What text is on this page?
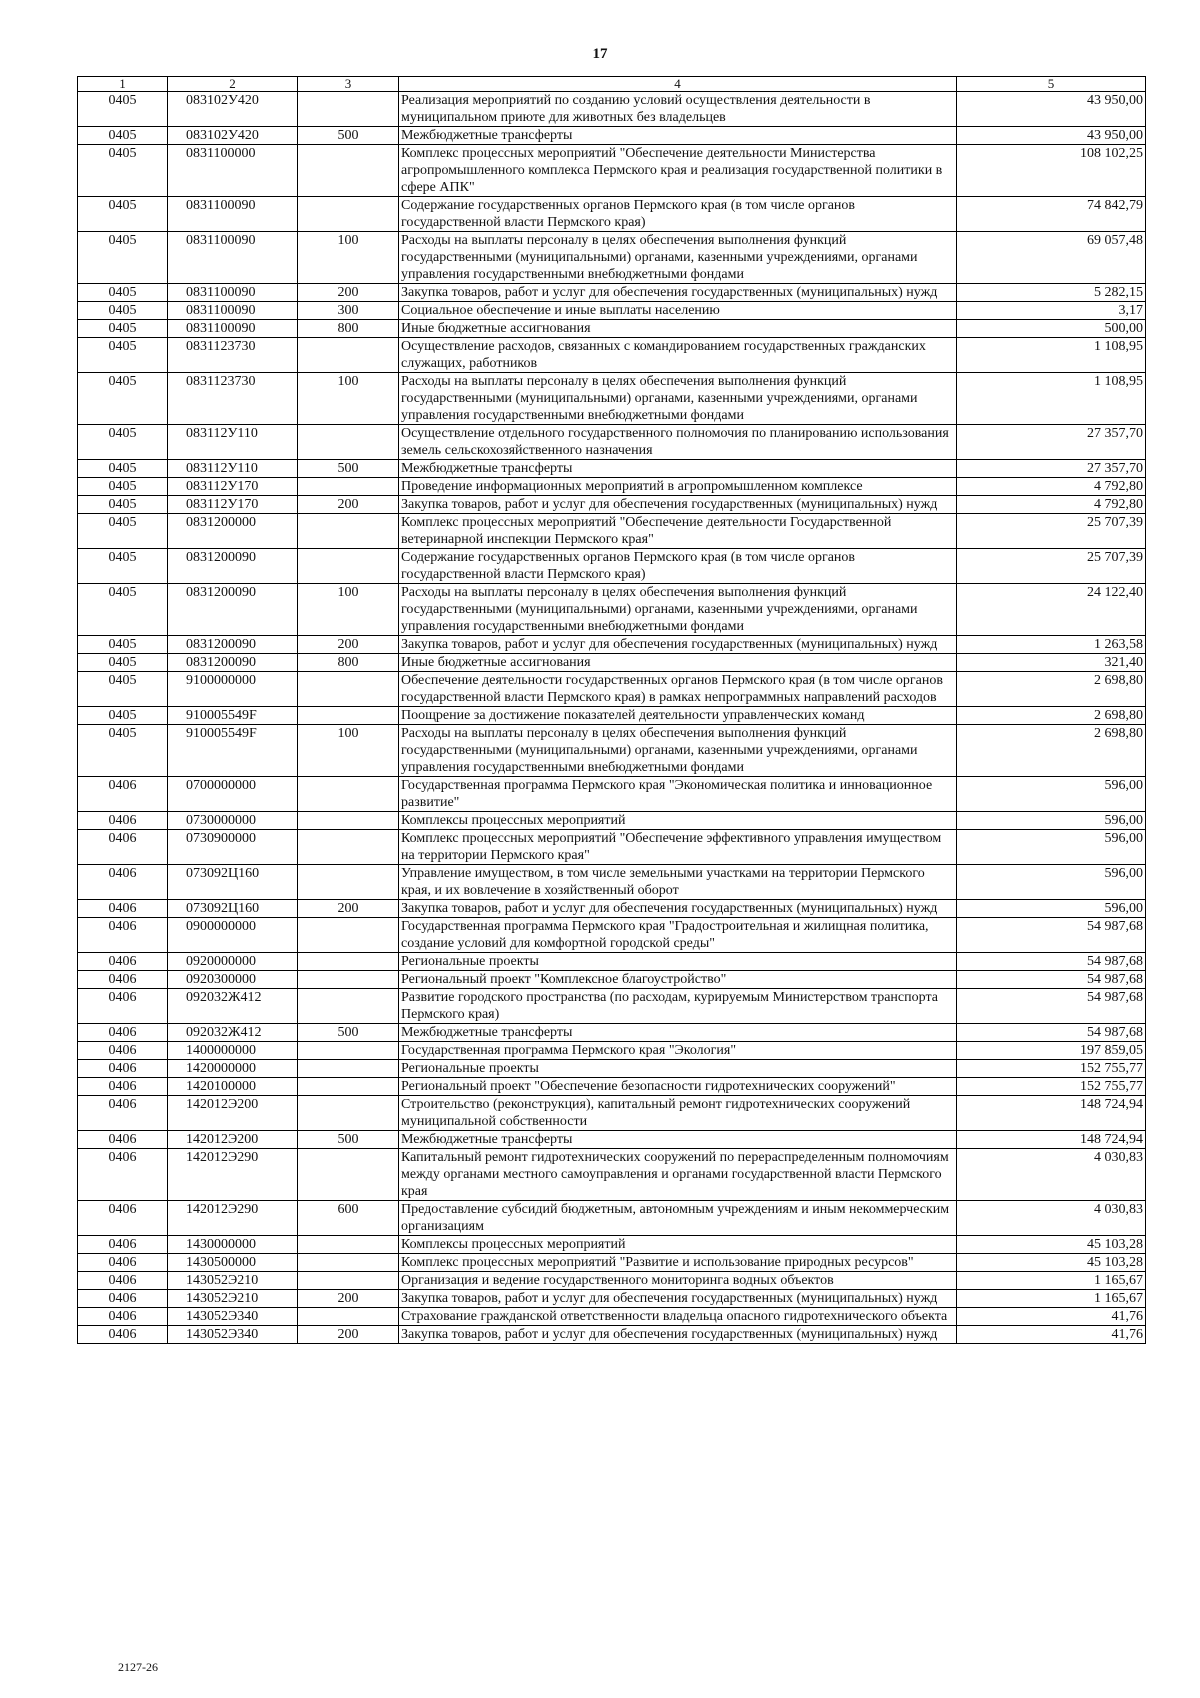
17
1	2	3	4	5
0405	083102У420		Реализация мероприятий по созданию условий осуществления деятельности в муниципальном приюте для животных без владельцев	43 950,00
0405	083102У420	500	Межбюджетные трансферты	43 950,00
0405	0831100000		Комплекс процессных мероприятий "Обеспечение деятельности Министерства агропромышленного комплекса Пермского края и реализация государственной политики в сфере АПК"	108 102,25
0405	0831100090		Содержание государственных органов Пермского края (в том числе органов государственной власти Пермского края)	74 842,79
0405	0831100090	100	Расходы на выплаты персоналу в целях обеспечения выполнения функций государственными (муниципальными) органами, казенными учреждениями, органами управления государственными внебюджетными фондами	69 057,48
0405	0831100090	200	Закупка товаров, работ и услуг для обеспечения государственных (муниципальных) нужд	5 282,15
0405	0831100090	300	Социальное обеспечение и иные выплаты населению	3,17
0405	0831100090	800	Иные бюджетные ассигнования	500,00
0405	0831123730		Осуществление расходов, связанных с командированием государственных гражданских служащих, работников	1 108,95
0405	0831123730	100	Расходы на выплаты персоналу в целях обеспечения выполнения функций государственными (муниципальными) органами, казенными учреждениями, органами управления государственными внебюджетными фондами	1 108,95
0405	083112У110		Осуществление отдельного государственного полномочия по планированию использования земель сельскохозяйственного назначения	27 357,70
0405	083112У110	500	Межбюджетные трансферты	27 357,70
0405	083112У170		Проведение информационных мероприятий в агропромышленном комплексе	4 792,80
0405	083112У170	200	Закупка товаров, работ и услуг для обеспечения государственных (муниципальных) нужд	4 792,80
0405	0831200000		Комплекс процессных мероприятий "Обеспечение деятельности Государственной ветеринарной инспекции Пермского края"	25 707,39
0405	0831200090		Содержание государственных органов Пермского края (в том числе органов государственной власти Пермского края)	25 707,39
0405	0831200090	100	Расходы на выплаты персоналу в целях обеспечения выполнения функций государственными (муниципальными) органами, казенными учреждениями, органами управления государственными внебюджетными фондами	24 122,40
0405	0831200090	200	Закупка товаров, работ и услуг для обеспечения государственных (муниципальных) нужд	1 263,58
0405	0831200090	800	Иные бюджетные ассигнования	321,40
0405	9100000000		Обеспечение деятельности государственных органов Пермского края (в том числе органов государственной власти Пермского края) в рамках непрограммных направлений расходов	2 698,80
0405	910005549F		Поощрение за достижение показателей деятельности управленческих команд	2 698,80
0405	910005549F	100	Расходы на выплаты персоналу в целях обеспечения выполнения функций государственными (муниципальными) органами, казенными учреждениями, органами управления государственными внебюджетными фондами	2 698,80
0406	0700000000		Государственная программа Пермского края "Экономическая политика и инновационное развитие"	596,00
0406	0730000000		Комплексы процессных мероприятий	596,00
0406	0730900000		Комплекс процессных мероприятий "Обеспечение эффективного управления имуществом на территории Пермского края"	596,00
0406	073092Ц160		Управление имуществом, в том числе земельными участками на территории Пермского края, и их вовлечение в хозяйственный оборот	596,00
0406	073092Ц160	200	Закупка товаров, работ и услуг для обеспечения государственных (муниципальных) нужд	596,00
0406	0900000000		Государственная программа Пермского края "Градостроительная и жилищная политика, создание условий для комфортной городской среды"	54 987,68
0406	0920000000		Региональные проекты	54 987,68
0406	0920300000		Региональный проект "Комплексное благоустройство"	54 987,68
0406	092032Ж412		Развитие городского пространства (по расходам, курируемым Министерством транспорта Пермского края)	54 987,68
0406	092032Ж412	500	Межбюджетные трансферты	54 987,68
0406	1400000000		Государственная программа Пермского края "Экология"	197 859,05
0406	1420000000		Региональные проекты	152 755,77
0406	1420100000		Региональный проект "Обеспечение безопасности гидротехнических сооружений"	152 755,77
0406	142012Э200		Строительство (реконструкция), капитальный ремонт гидротехнических сооружений муниципальной собственности	148 724,94
0406	142012Э200	500	Межбюджетные трансферты	148 724,94
0406	142012Э290		Капитальный ремонт гидротехнических сооружений по перераспределенным полномочиям между органами местного самоуправления и органами государственной власти Пермского края	4 030,83
0406	142012Э290	600	Предоставление субсидий бюджетным, автономным учреждениям и иным некоммерческим организациям	4 030,83
0406	1430000000		Комплексы процессных мероприятий	45 103,28
0406	1430500000		Комплекс процессных мероприятий "Развитие и использование природных ресурсов"	45 103,28
0406	143052Э210		Организация и ведение государственного мониторинга водных объектов	1 165,67
0406	143052Э210	200	Закупка товаров, работ и услуг для обеспечения государственных (муниципальных) нужд	1 165,67
0406	143052Э340		Страхование гражданской ответственности владельца опасного гидротехнического объекта	41,76
0406	143052Э340	200	Закупка товаров, работ и услуг для обеспечения государственных (муниципальных) нужд	41,76
2127-26
